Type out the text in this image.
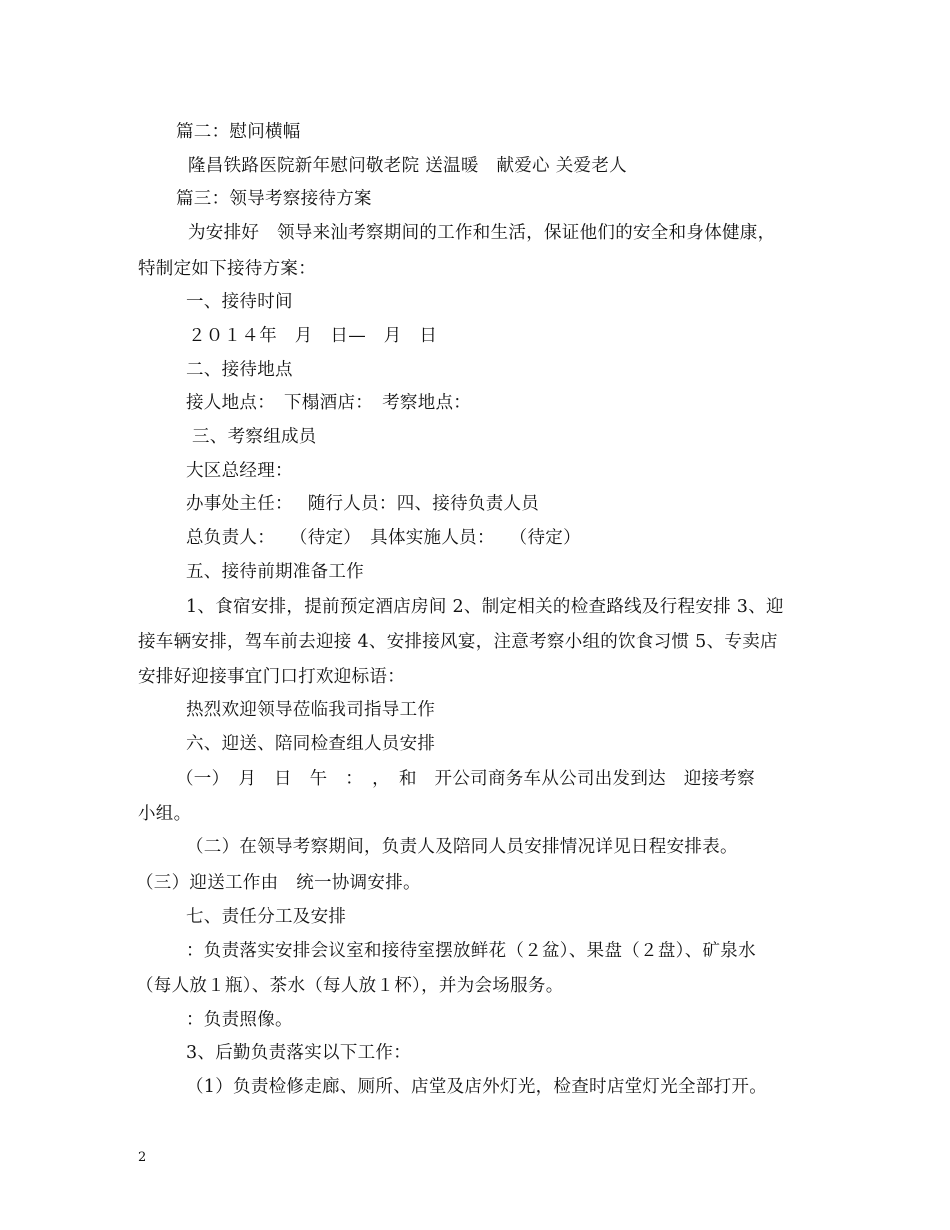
篇二：慰问横幅
隆昌铁路医院新年慰问敬老院 送温暖　献爱心 关爱老人
篇三：领导考察接待方案
为安排好　领导来汕考察期间的工作和生活，保证他们的安全和身体健康，
特制定如下接待方案：
一、接待时间
２０１４年　月　日—　月　日
二、接待地点
接人地点：　下榻酒店：　考察地点：
三、考察组成员
大区总经理：
办事处主任：　 随行人员：四、接待负责人员
总负责人：　 （待定）　具体实施人员：　 （待定）
五、接待前期准备工作
1、食宿安排，提前预定酒店房间 2、制定相关的检查路线及行程安排 3、迎
接车辆安排，驾车前去迎接 4、安排接风宴，注意考察小组的饮食习惯 5、专卖店
安排好迎接事宜门口打欢迎标语：
热烈欢迎领导莅临我司指导工作
六、迎送、陪同检查组人员安排
（一）　月　日　午　：　，　和　开公司商务车从公司出发到达　迎接考察
小组。
（二）在领导考察期间，负责人及陪同人员安排情况详见日程安排表。
（三）迎送工作由　统一协调安排。
七、责任分工及安排
：负责落实安排会议室和接待室摆放鲜花（２盆）、果盘（２盘）、矿泉水
（每人放１瓶）、茶水（每人放１杯），并为会场服务。
：负责照像。
3、后勤负责落实以下工作：
（1）负责检修走廊、厕所、店堂及店外灯光，检查时店堂灯光全部打开。
2
